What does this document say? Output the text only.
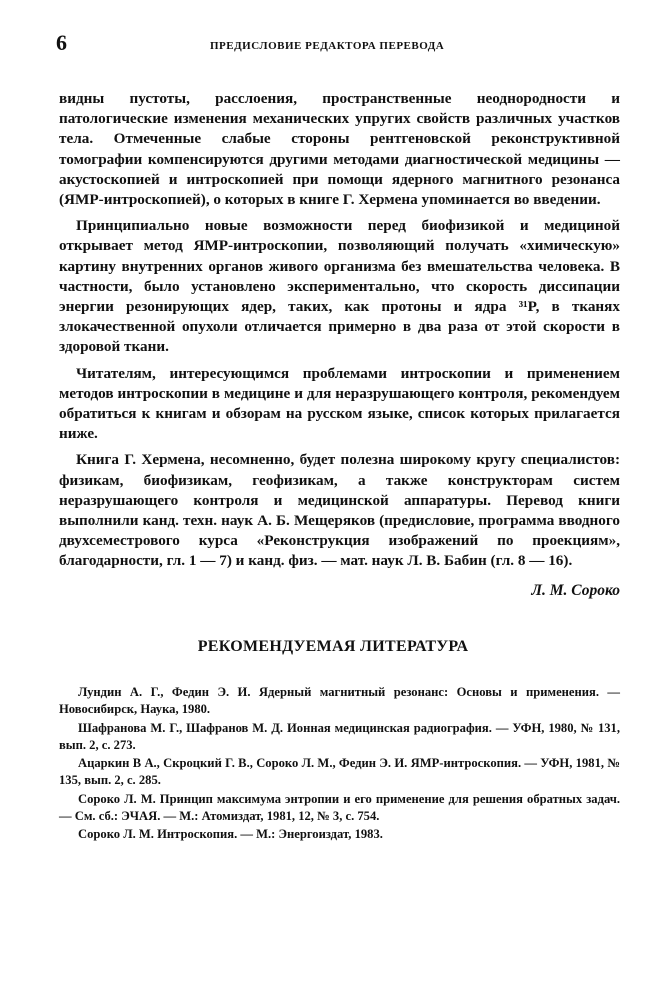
6	ПРЕДИСЛОВИЕ РЕДАКТОРА ПЕРЕВОДА

видны пустоты, расслоения, пространственные неоднородности и патологические изменения механических упругих свойств различных участков тела. Отмеченные слабые стороны рентгеновской реконструктивной томографии компенсируются другими методами диагностической медицины — акустоскопией и интроскопией при помощи ядерного магнитного резонанса (ЯМР-интроскопией), о которых в книге Г. Хермена упоминается во введении.

Принципиально новые возможности перед биофизикой и медициной открывает метод ЯМР-интроскопии, позволяющий получать «химическую» картину внутренних органов живого организма без вмешательства человека. В частности, было установлено экспериментально, что скорость диссипации энергии резонирующих ядер, таких, как протоны и ядра ³¹P, в тканях злокачественной опухоли отличается примерно в два раза от этой скорости в здоровой ткани.

Читателям, интересующимся проблемами интроскопии и применением методов интроскопии в медицине и для неразрушающего контроля, рекомендуем обратиться к книгам и обзорам на русском языке, список которых прилагается ниже.

Книга Г. Хермена, несомненно, будет полезна широкому кругу специалистов: физикам, биофизикам, геофизикам, а также конструкторам систем неразрушающего контроля и медицинской аппаратуры. Перевод книги выполнили канд. техн. наук А. Б. Мещеряков (предисловие, программа вводного двухсеместрового курса «Реконструкция изображений по проекциям», благодарности, гл. 1 — 7) и канд. физ. — мат. наук Л. В. Бабин (гл. 8 — 16).

Л. М. Сороко
РЕКОМЕНДУЕМАЯ ЛИТЕРАТУРА
Лундин А. Г., Федин Э. И. Ядерный магнитный резонанс: Основы и применения. — Новосибирск, Наука, 1980.
Шафранова М. Г., Шафранов М. Д. Ионная медицинская радиография. — УФН, 1980, № 131, вып. 2, с. 273.
Ацаркин В А., Скроцкий Г. В., Сороко Л. М., Федин Э. И. ЯМР-интроскопия. — УФН, 1981, № 135, вып. 2, с. 285.
Сороко Л. М. Принцип максимума энтропии и его применение для решения обратных задач. — См. сб.: ЭЧАЯ. — М.: Атомиздат, 1981, 12, № 3, с. 754.
Сороко Л. М. Интроскопия. — М.: Энергоиздат, 1983.
